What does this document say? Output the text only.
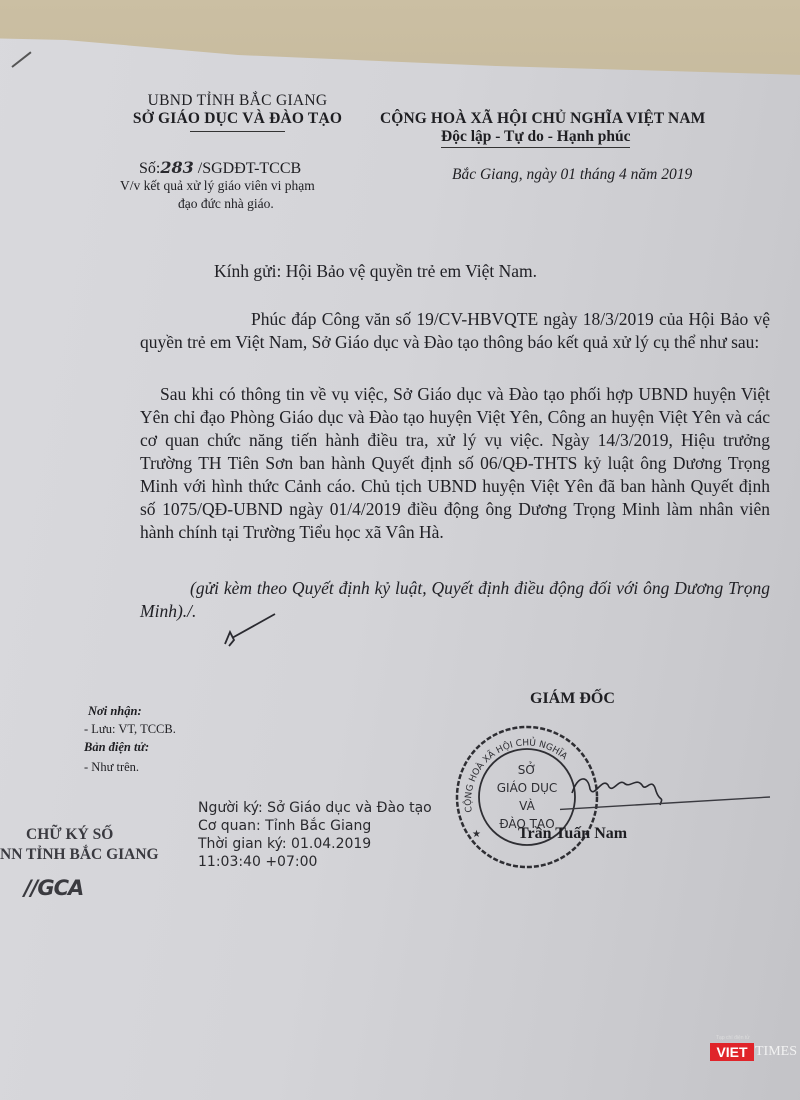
UBND TỈNH BẮC GIANG
SỞ GIÁO DỤC VÀ ĐÀO TẠO
Số:283 /SGDĐT-TCCB
V/v kết quả xử lý giáo viên vi phạm
đạo đức nhà giáo.
CỘNG HOÀ XÃ HỘI CHỦ NGHĨA VIỆT NAM
Độc lập - Tự do - Hạnh phúc
Bắc Giang, ngày 01 tháng 4 năm 2019
Kính gửi: Hội Bảo vệ quyền trẻ em Việt Nam.
Phúc đáp Công văn số 19/CV-HBVQTE ngày 18/3/2019 của Hội Bảo vệ quyền trẻ em Việt Nam, Sở Giáo dục và Đào tạo thông báo kết quả xử lý cụ thể như sau:
Sau khi có thông tin về vụ việc, Sở Giáo dục và Đào tạo phối hợp UBND huyện Việt Yên chỉ đạo Phòng Giáo dục và Đào tạo huyện Việt Yên, Công an huyện Việt Yên và các cơ quan chức năng tiến hành điều tra, xử lý vụ việc. Ngày 14/3/2019, Hiệu trưởng Trường TH Tiên Sơn ban hành Quyết định số 06/QĐ-THTS kỷ luật ông Dương Trọng Minh với hình thức Cảnh cáo. Chủ tịch UBND huyện Việt Yên đã ban hành Quyết định số 1075/QĐ-UBND ngày 01/4/2019 điều động ông Dương Trọng Minh làm nhân viên hành chính tại Trường Tiểu học xã Vân Hà.
(gửi kèm theo Quyết định kỷ luật, Quyết định điều động đối với ông Dương Trọng Minh)./.
Nơi nhận:
- Lưu: VT, TCCB.
Bản điện tử:
- Như trên.
GIÁM ĐỐC
SỞ
GIÁO DỤC
VÀ
ĐÀO TẠO
CỘNG HOÀ XÃ HỘI CHỦ NGHĨA
★ Trần Tuấn Nam
CHỮ KÝ SỐ
NN TỈNH BẮC GIANG
//GCA
Người ký: Sở Giáo dục và Đào tạo
Cơ quan: Tỉnh Bắc Giang
Thời gian ký: 01.04.2019 11:03:40 +07:00
Tạp chí điện tử
VIET TIMES
